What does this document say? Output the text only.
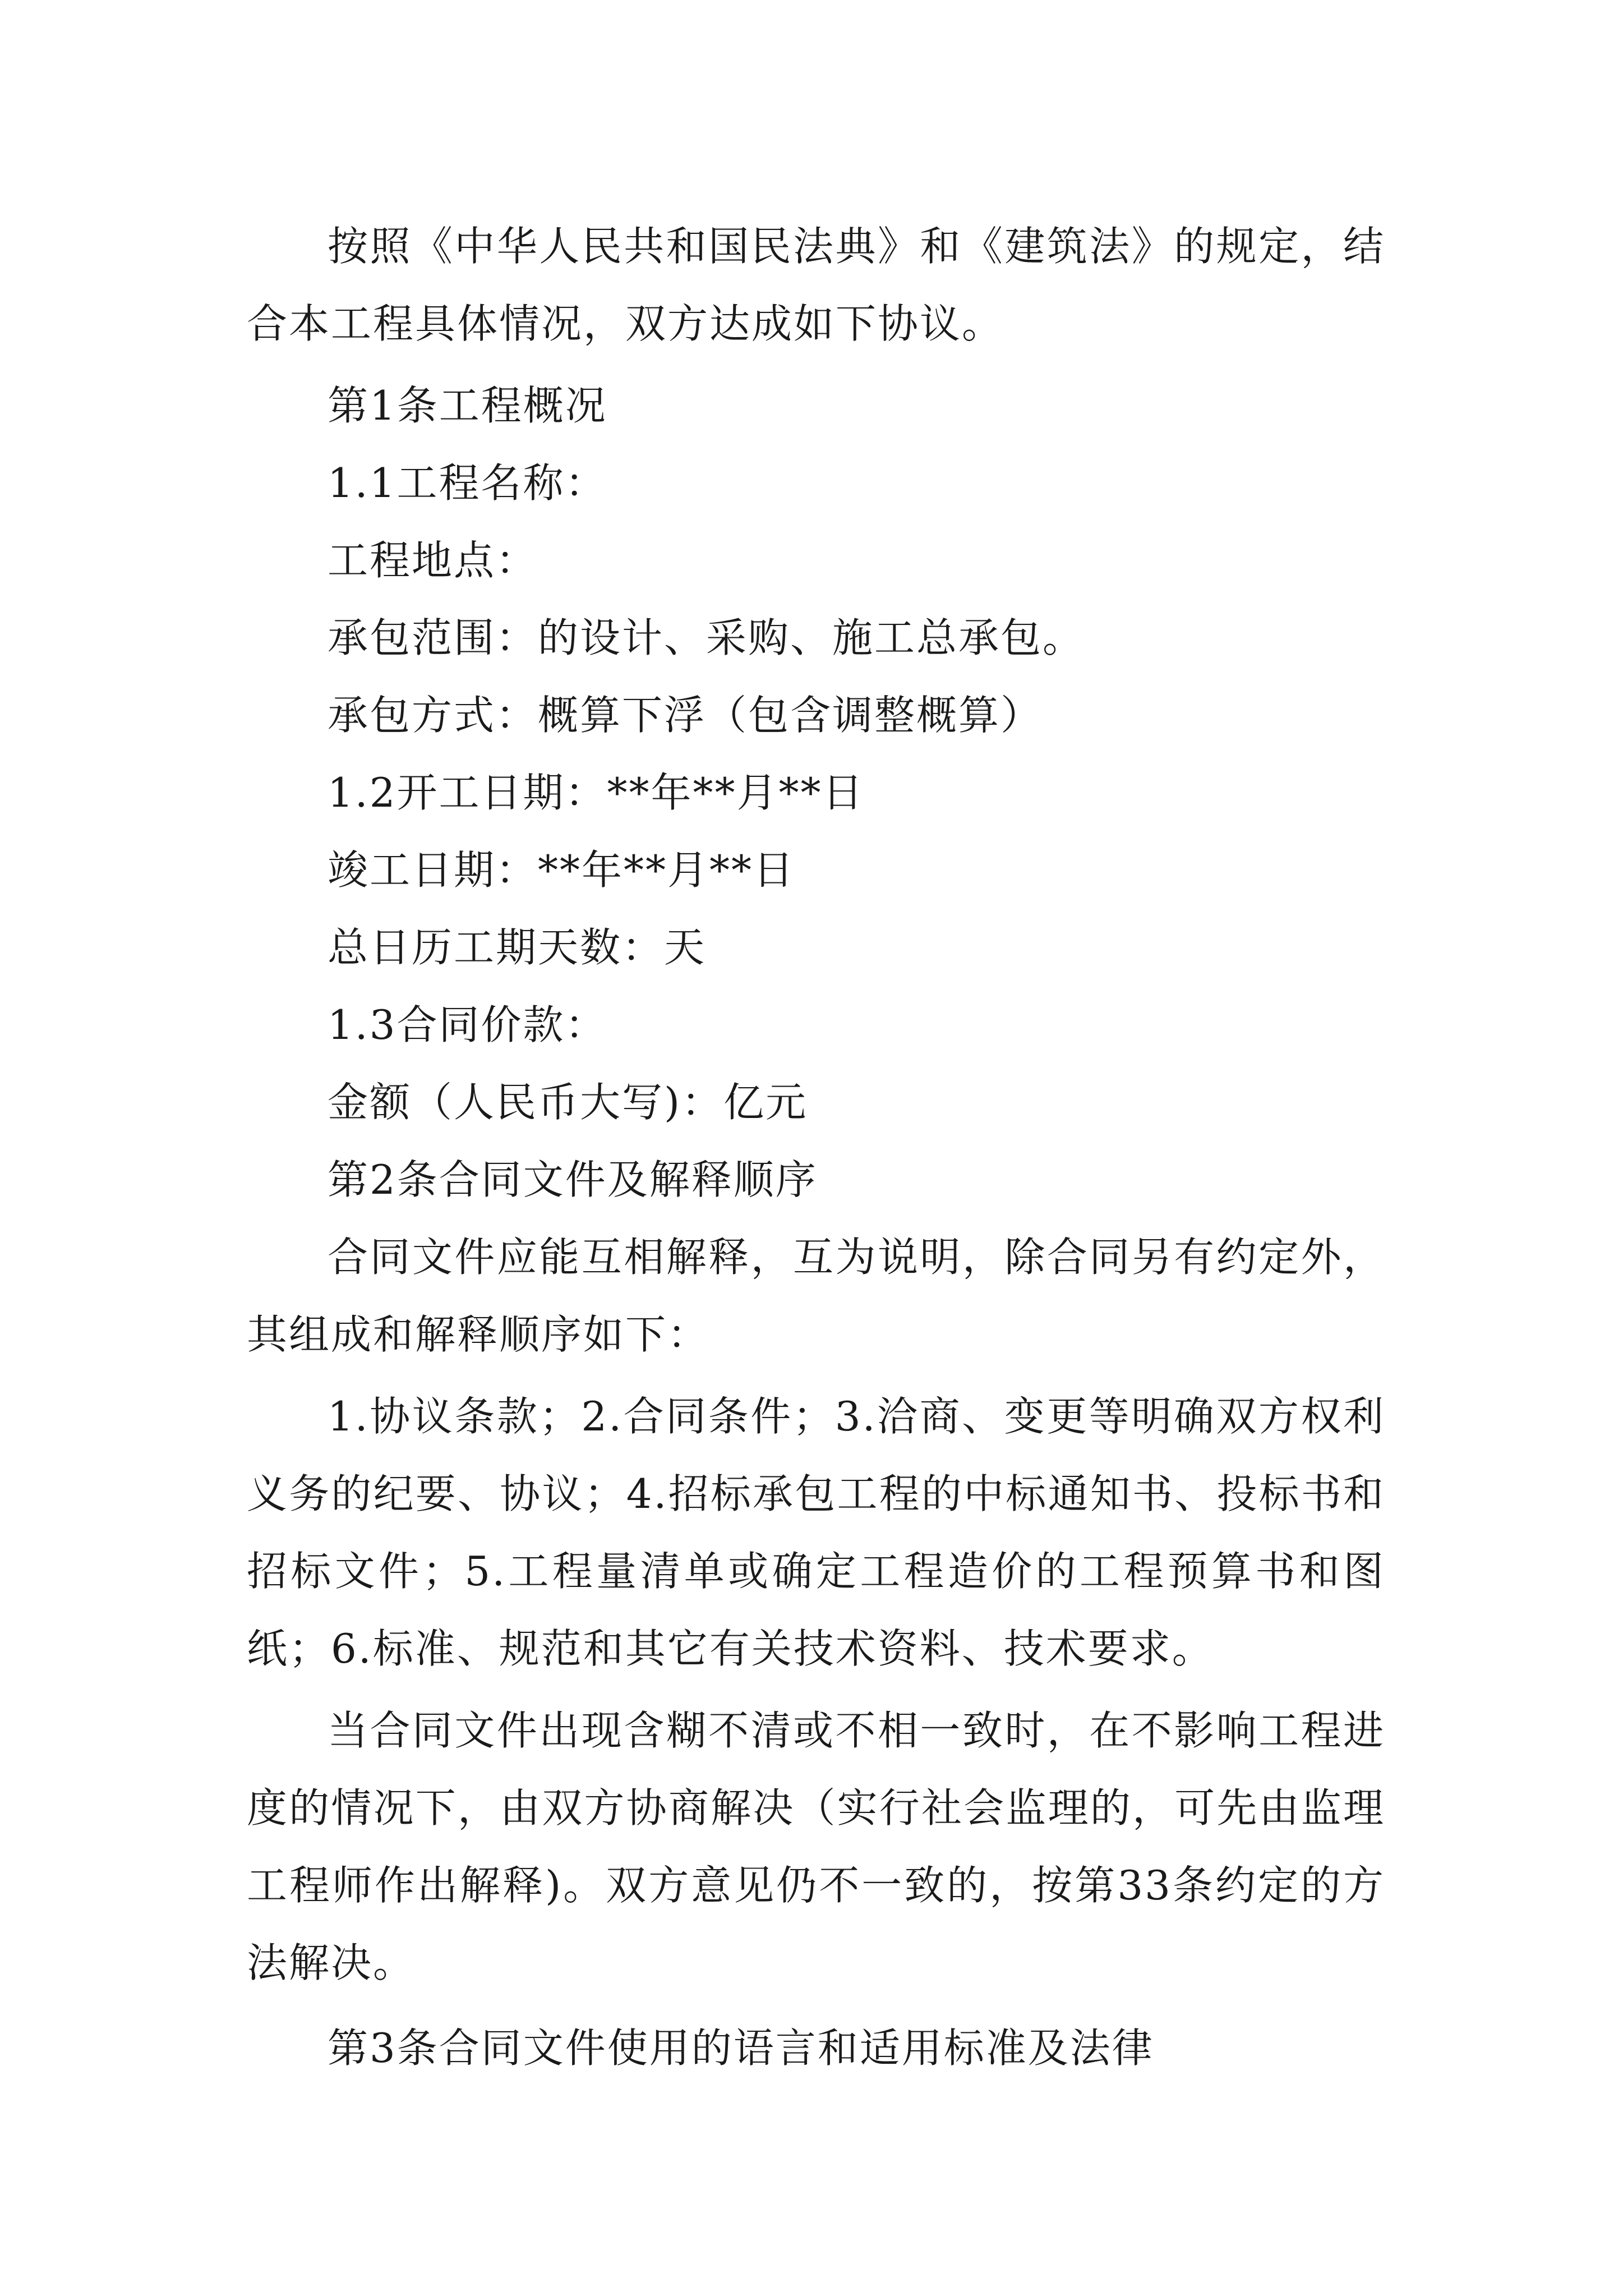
按照《中华人民共和国民法典》和《建筑法》的规定，结合本工程具体情况，双方达成如下协议。

第1条工程概况

1.1工程名称：

工程地点：

承包范围：的设计、采购、施工总承包。

承包方式：概算下浮（包含调整概算）

1.2开工日期：**年**月**日

竣工日期：**年**月**日

总日历工期天数：天

1.3合同价款：

金额（人民币大写)：亿元

第2条合同文件及解释顺序

合同文件应能互相解释，互为说明，除合同另有约定外，其组成和解释顺序如下：

1.协议条款；2.合同条件；3.洽商、变更等明确双方权利义务的纪要、协议；4.招标承包工程的中标通知书、投标书和招标文件；5.工程量清单或确定工程造价的工程预算书和图纸；6.标准、规范和其它有关技术资料、技术要求。

当合同文件出现含糊不清或不相一致时，在不影响工程进度的情况下，由双方协商解决（实行社会监理的，可先由监理工程师作出解释)。双方意见仍不一致的，按第33条约定的方法解决。

第3条合同文件使用的语言和适用标准及法律
